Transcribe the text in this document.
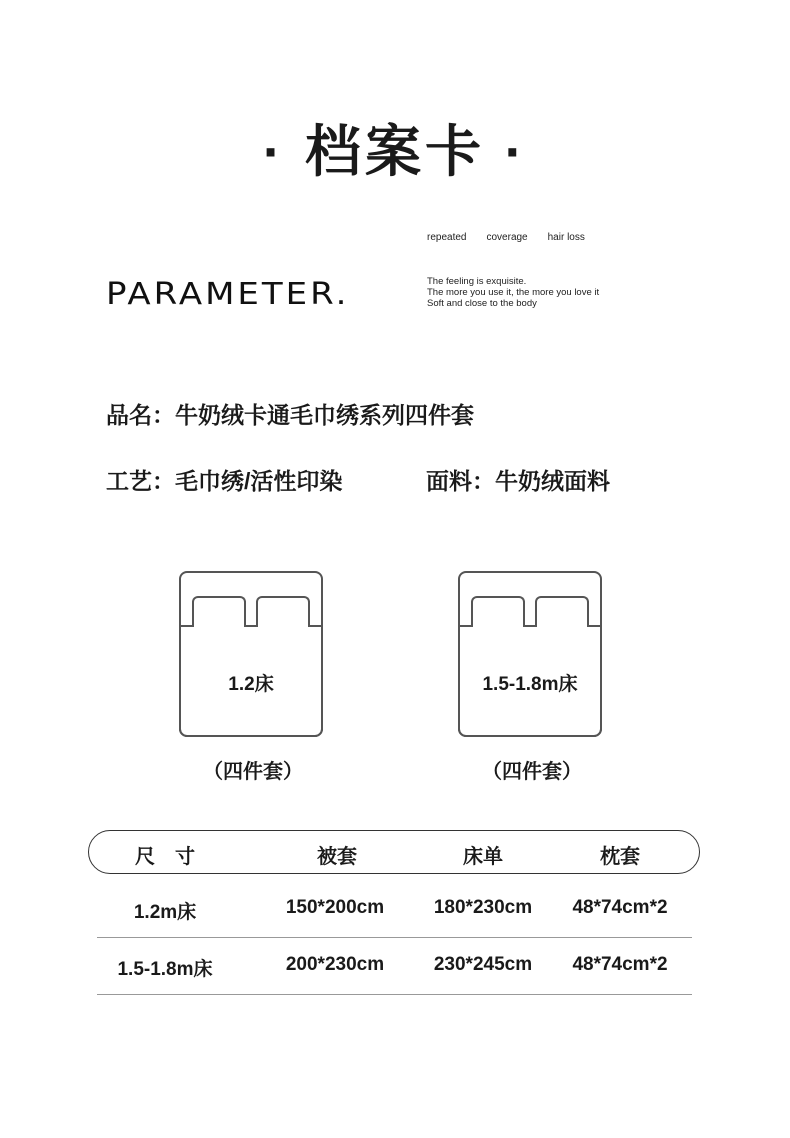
· 档案卡 ·
repeated coverage hair loss
PARAMETER.	The feeling is exquisite.
The more you use it, the more you love it
Soft and close to the body
品名：牛奶绒卡通毛巾绣系列四件套
工艺：毛巾绣/活性印染	面料：牛奶绒面料
1.2床
（四件套）
1.5-1.8m床
（四件套）
尺　寸	被套	床单	枕套
1.2m床	150*200cm	180*230cm	48*74cm*2
1.5-1.8m床	200*230cm	230*245cm	48*74cm*2
